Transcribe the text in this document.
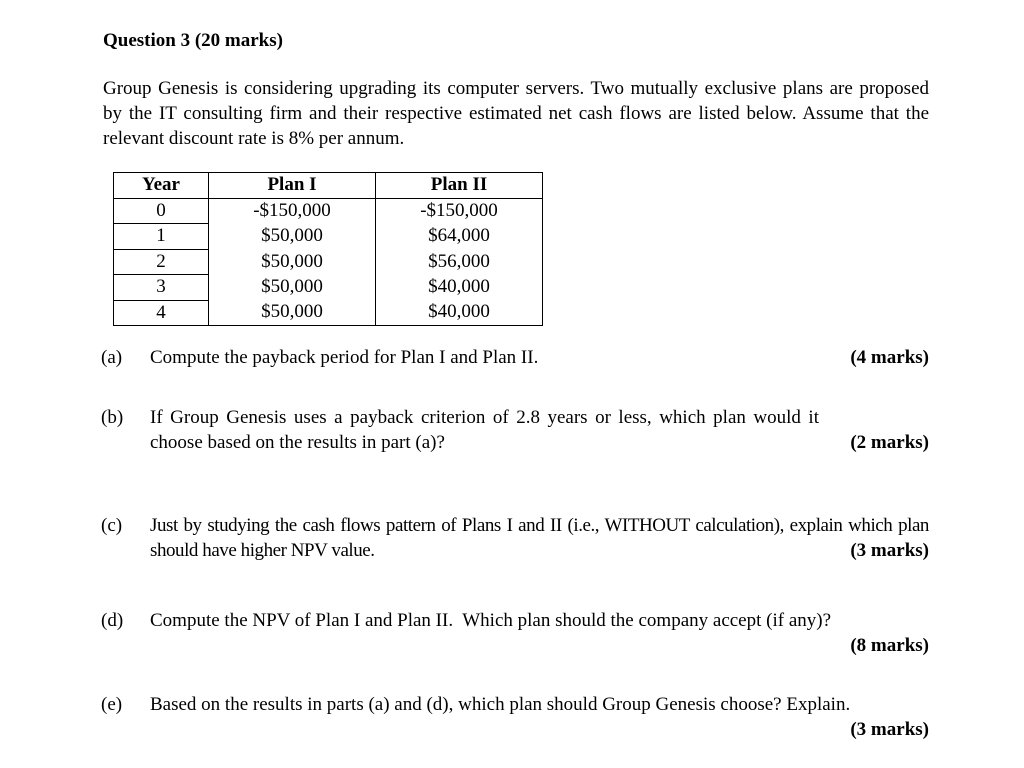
Question 3 (20 marks)
Group Genesis is considering upgrading its computer servers. Two mutually exclusive plans are proposed by the IT consulting firm and their respective estimated net cash flows are listed below. Assume that the relevant discount rate is 8% per annum.
Year	Plan I	Plan II
0	-$150,000	-$150,000
1	$50,000	$64,000
2	$50,000	$56,000
3	$50,000	$40,000
4	$50,000	$40,000
(a) Compute the payback period for Plan I and Plan II.	(4 marks)
(b) If Group Genesis uses a payback criterion of 2.8 years or less, which plan would it choose based on the results in part (a)?	(2 marks)
(c) Just by studying the cash flows pattern of Plans I and II (i.e., WITHOUT calculation), explain which plan should have higher NPV value.	(3 marks)
(d) Compute the NPV of Plan I and Plan II.  Which plan should the company accept (if any)?
(8 marks)
(e) Based on the results in parts (a) and (d), which plan should Group Genesis choose? Explain.
(3 marks)
